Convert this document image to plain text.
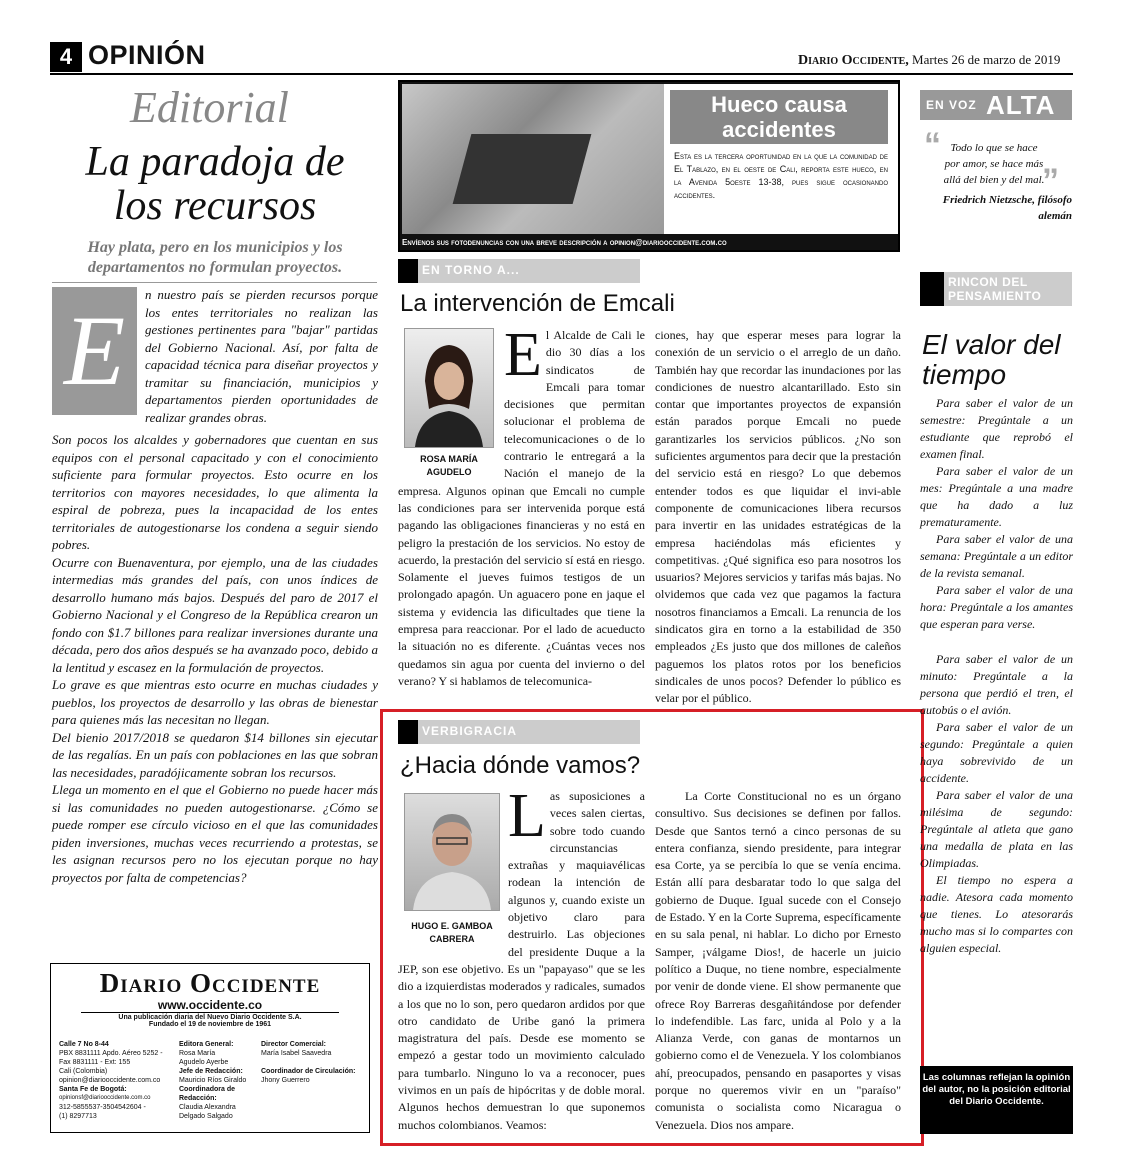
4 OPINIÓN	Diario Occidente, Martes 26 de marzo de 2019
Editorial
La paradoja de los recursos
Hay plata, pero en los municipios y los departamentos no formulan proyectos.
E
n nuestro país se pierden recursos porque los entes territoriales no realizan las gestiones pertinentes para "bajar" partidas del Gobierno Nacional. Así, por falta de capacidad técnica para diseñar proyectos y tramitar su financiación, municipios y departamentos pierden oportunidades de realizar grandes obras.

Son pocos los alcaldes y gobernadores que cuentan en sus equipos con el personal capacitado y con el conocimiento suficiente para formular proyectos. Esto ocurre en los territorios con mayores necesidades, lo que alimenta la espiral de pobreza, pues la incapacidad de los entes territoriales de autogestionarse los condena a seguir siendo pobres.

Ocurre con Buenaventura, por ejemplo, una de las ciudades intermedias más grandes del país, con unos índices de desarrollo humano más bajos. Después del paro de 2017 el Gobierno Nacional y el Congreso de la República crearon un fondo con $1.7 billones para realizar inversiones durante una década, pero dos años después se ha avanzado poco, debido a la lentitud y escasez en la formulación de proyectos.

Lo grave es que mientras esto ocurre en muchas ciudades y pueblos, los proyectos de desarrollo y las obras de bienestar para quienes más las necesitan no llegan.

Del bienio 2017/2018 se quedaron $14 billones sin ejecutar de las regalías. En un país con poblaciones en las que sobran las necesidades, paradójicamente sobran los recursos.

Llega un momento en el que el Gobierno no puede hacer más si las comunidades no pueden autogestionarse. ¿Cómo se puede romper ese círculo vicioso en el que las comunidades piden inversiones, muchas veces recurriendo a protestas, se les asignan recursos pero no los ejecutan porque no hay proyectos por falta de competencias?

Diario Occidente
www.occidente.co
Una publicación diaria del Nuevo Diario Occidente S.A.
Fundado el 19 de noviembre de 1961
Calle 7 No 8-44
PBX 8831111 Apdo. Aéreo 5252 -
Fax 8831111 - Ext: 155
Cali (Colombia)
opinion@diariooccidente.com.co
Santa Fe de Bogotá:
opinionsf@diariooccidente.com.co
312-5855537-3504542604 -
(1) 8297713
Editora General:
Rosa María
Agudelo Ayerbe
Jefe de Redacción:
Mauricio Ríos Giraldo
Coordinadora de
Redacción:
Claudia Alexandra
Delgado Salgado
Director Comercial:
María Isabel Saavedra
Coordinador de Circulación:
Jhony Guerrero
Hueco causa accidentes
Esta es la tercera oportunidad en la que la comunidad de El Tablazo, en el oeste de Cali, reporta este hueco, en la Avenida 5oeste 13-38, pues sigue ocasionando accidentes.
Envíenos sus fotodenuncias con una breve descripción a opinion@diariooccidente.com.co
EN TORNO A...
La intervención de Emcali
ROSA MARÍA AGUDELO
El Alcalde de Cali le dio 30 días a los sindicatos de Emcali para tomar decisiones que permitan solucionar el problema de telecomunicaciones o de lo contrario le entregará a la Nación el manejo de la empresa. Algunos opinan que Emcali no cumple las condiciones para ser intervenida porque está pagando las obligaciones financieras y no está en peligro la prestación de los servicios. No estoy de acuerdo, la prestación del servicio sí está en riesgo. Solamente el jueves fuimos testigos de un prolongado apagón. Un aguacero pone en jaque el sistema y evidencia las dificultades que tiene la empresa para reaccionar. Por el lado de acueducto la situación no es diferente. ¿Cuántas veces nos quedamos sin agua por cuenta del invierno o del verano? Y si hablamos de telecomunica-
ciones, hay que esperar meses para lograr la conexión de un servicio o el arreglo de un daño. También hay que recordar las inundaciones por las condiciones de nuestro alcantarillado. Esto sin contar que importantes proyectos de expansión están parados porque Emcali no puede garantizarles los servicios públicos. ¿No son suficientes argumentos para decir que la prestación del servicio está en riesgo? Lo que debemos entender todos es que liquidar el invi-able componente de comunicaciones libera recursos para invertir en las unidades estratégicas de la empresa haciéndolas más eficientes y competitivas. ¿Qué significa eso para nosotros los usuarios? Mejores servicios y tarifas más bajas. No olvidemos que cada vez que pagamos la factura nosotros financiamos a Emcali. La renuncia de los sindicatos gira en torno a la estabilidad de 350 empleados ¿Es justo que dos millones de caleños paguemos los platos rotos por los beneficios sindicales de unos pocos? Defender lo público es velar por el público.
VERBIGRACIA
¿Hacia dónde vamos?
HUGO E. GAMBOA CABRERA
Las suposiciones a veces salen ciertas, sobre todo cuando circunstancias extrañas y maquiavélicas rodean la intención de algunos y, cuando existe un objetivo claro para destruirlo. Las objeciones del presidente Duque a la JEP, son ese objetivo. Es un "papayaso" que se les dio a izquierdistas moderados y radicales, sumados a los que no lo son, pero quedaron ardidos por que otro candidato de Uribe ganó la primera magistratura del país. Desde ese momento se empezó a gestar todo un movimiento calculado para tumbarlo. Ninguno lo va a reconocer, pues vivimos en un país de hipócritas y de doble moral. Algunos hechos demuestran lo que suponemos muchos colombianos. Veamos:
La Corte Constitucional no es un órgano consultivo. Sus decisiones se definen por fallos. Desde que Santos ternó a cinco personas de su entera confianza, siendo presidente, para integrar esa Corte, ya se percibía lo que se venía encima. Están allí para desbaratar todo lo que salga del gobierno de Duque. Igual sucede con el Consejo de Estado. Y en la Corte Suprema, específicamente en su sala penal, ni hablar. Lo dicho por Ernesto Samper, ¡válgame Dios!, de hacerle un juicio político a Duque, no tiene nombre, especialmente por venir de donde viene. El show permanente que ofrece Roy Barreras desgañitándose por defender lo indefendible. Las farc, unida al Polo y a la Alianza Verde, con ganas de montarnos un gobierno como el de Venezuela. Y los colombianos ahí, preocupados, pensando en pasaportes y visas porque no queremos vivir en un "paraíso" comunista o socialista como Nicaragua o Venezuela. Dios nos ampare.
EN VOZ ALTA
“
”
Todo lo que se hace por amor, se hace más allá del bien y del mal.
Friedrich Nietzsche, filósofo alemán
RINCON DEL PENSAMIENTO
El valor del tiempo

Para saber el valor de un semestre: Pregúntale a un estudiante que reprobó el examen final.

Para saber el valor de un mes: Pregúntale a una madre que ha dado a luz prematuramente.

Para saber el valor de una semana: Pregúntale a un editor de la revista semanal.

Para saber el valor de una hora: Pregúntale a los amantes que esperan para verse.

Para saber el valor de un minuto: Pregúntale a la persona que perdió el tren, el autobús o el avión.

Para saber el valor de un segundo: Pregúntale a quien haya sobrevivido de un accidente.

Para saber el valor de una milésima de segundo: Pregúntale al atleta que gano una medalla de plata en las Olimpiadas.

El tiempo no espera a nadie. Atesora cada momento que tienes. Lo atesorarás mucho mas si lo compartes con alguien especial.

Las columnas reflejan la opinión del autor, no la posición editorial del Diario Occidente.
